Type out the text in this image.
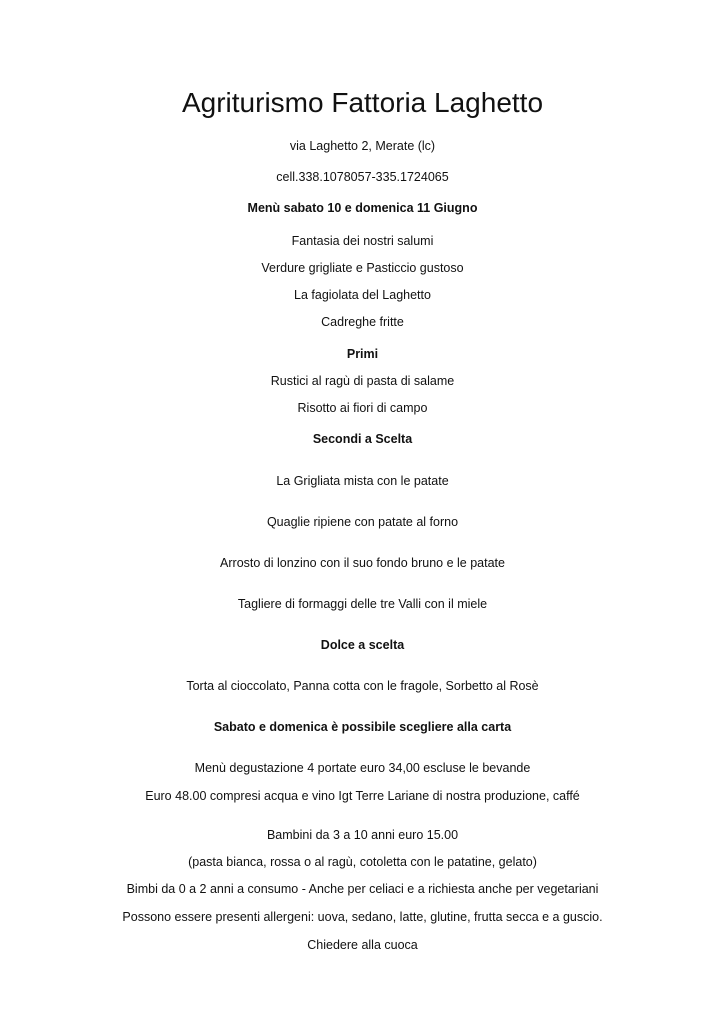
Agriturismo Fattoria Laghetto
via Laghetto 2, Merate (lc)
cell.338.1078057-335.1724065
Menù sabato 10 e domenica 11 Giugno
Fantasia dei nostri salumi
Verdure grigliate e Pasticcio gustoso
La fagiolata del Laghetto
Cadreghe fritte
Primi
Rustici al ragù di pasta di salame
Risotto ai fiori di campo
Secondi a Scelta
La Grigliata mista con le patate
Quaglie ripiene con patate al forno
Arrosto di lonzino con il suo fondo bruno e le patate
Tagliere di formaggi delle tre Valli con il miele
Dolce a scelta
Torta al cioccolato, Panna cotta con le fragole, Sorbetto al Rosè
Sabato e domenica è possibile scegliere alla carta
Menù degustazione 4 portate euro 34,00 escluse le bevande
Euro 48.00 compresi acqua e vino Igt Terre Lariane di nostra produzione, caffé
Bambini da 3 a 10 anni euro 15.00
(pasta bianca, rossa o al ragù, cotoletta con le patatine, gelato)
Bimbi da 0 a 2 anni a consumo - Anche per celiaci e a richiesta anche per vegetariani
Possono essere presenti allergeni: uova, sedano, latte, glutine, frutta secca e a guscio.
Chiedere alla cuoca
